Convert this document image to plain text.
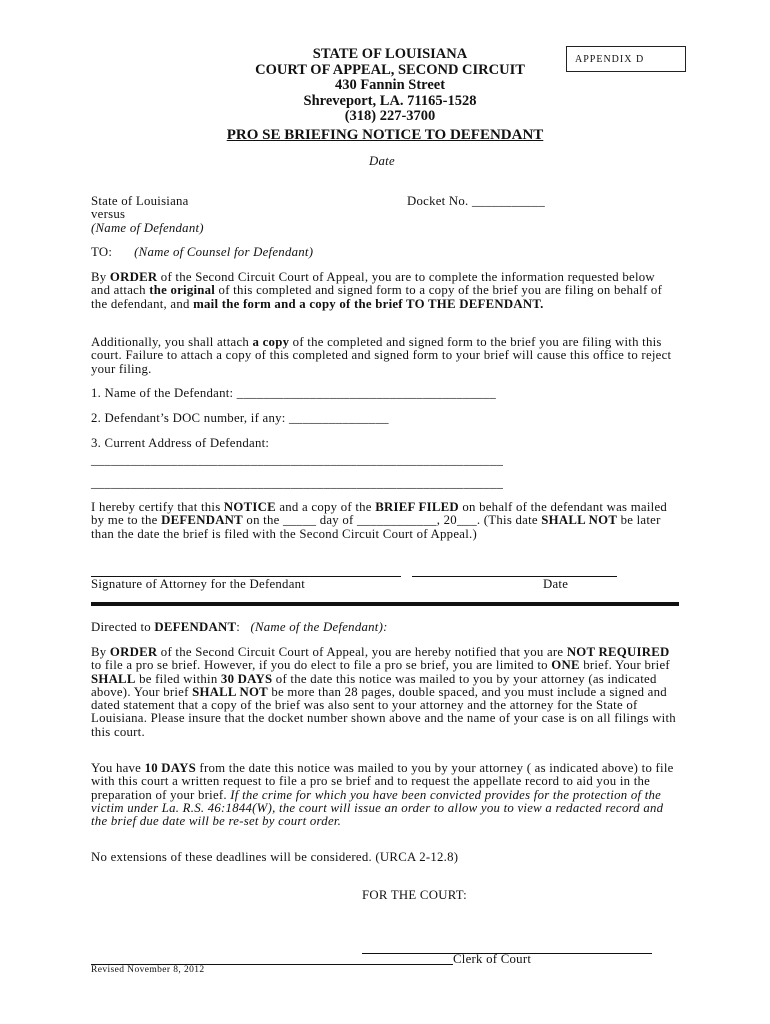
STATE OF LOUISIANA
COURT OF APPEAL, SECOND CIRCUIT
430 Fannin Street
Shreveport, LA. 71165-1528
(318) 227-3700
APPENDIX D
PRO SE BRIEFING NOTICE TO DEFENDANT
Date
State of Louisiana
versus
(Name of Defendant)
Docket No. ___________
TO: (Name of Counsel for Defendant)
By ORDER of the Second Circuit Court of Appeal, you are to complete the information requested below and attach the original of this completed and signed form to a copy of the brief you are filing on behalf of the defendant, and mail the form and a copy of the brief TO THE DEFENDANT.
Additionally, you shall attach a copy of the completed and signed form to the brief you are filing with this court. Failure to attach a copy of this completed and signed form to your brief will cause this office to reject your filing.
1. Name of the Defendant: _______________________________________
2. Defendant’s DOC number, if any: _______________
3. Current Address of Defendant:
______________________________________________________________
______________________________________________________________
I hereby certify that this NOTICE and a copy of the BRIEF FILED on behalf of the defendant was mailed by me to the DEFENDANT on the _____ day of ____________, 20___. (This date SHALL NOT be later than the date the brief is filed with the Second Circuit Court of Appeal.)
Signature of Attorney for the Defendant	Date
Directed to DEFENDANT: (Name of the Defendant):
By ORDER of the Second Circuit Court of Appeal, you are hereby notified that you are NOT REQUIRED to file a pro se brief. However, if you do elect to file a pro se brief, you are limited to ONE brief. Your brief SHALL be filed within 30 DAYS of the date this notice was mailed to you by your attorney (as indicated above). Your brief SHALL NOT be more than 28 pages, double spaced, and you must include a signed and dated statement that a copy of the brief was also sent to your attorney and the attorney for the State of Louisiana. Please insure that the docket number shown above and the name of your case is on all filings with this court.
You have 10 DAYS from the date this notice was mailed to you by your attorney ( as indicated above) to file with this court a written request to file a pro se brief and to request the appellate record to aid you in the preparation of your brief. If the crime for which you have been convicted provides for the protection of the victim under La. R.S. 46:1844(W), the court will issue an order to allow you to view a redacted record and the brief due date will be re-set by court order.
No extensions of these deadlines will be considered. (URCA 2-12.8)
FOR THE COURT:
Clerk of Court
Revised November 8, 2012
